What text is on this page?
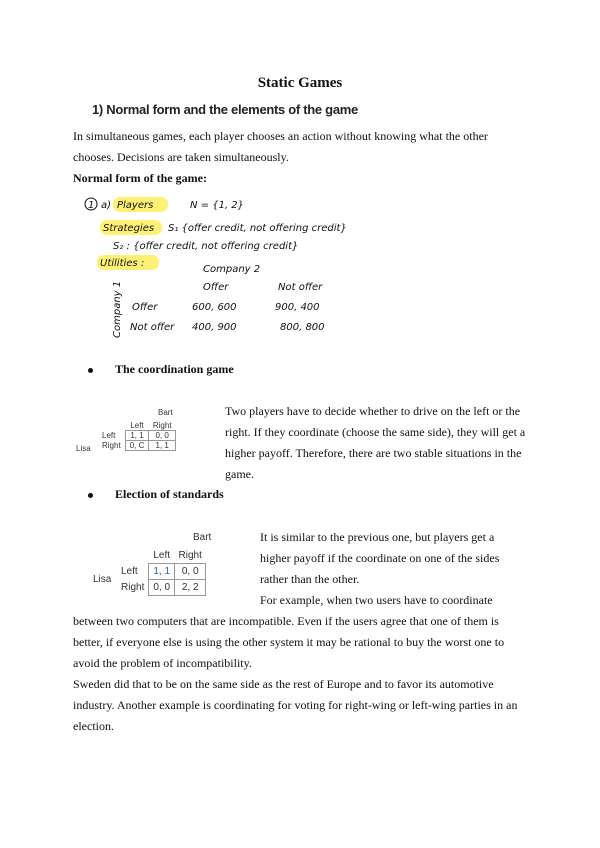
Static Games
1) Normal form and the elements of the game
In simultaneous games, each player chooses an action without knowing what the other
chooses. Decisions are taken simultaneously.
Normal form of the game:
1 a) Players	N = {1, 2}
Strategies S₁ {offer credit, not offering credit}
S₂ : {offer credit, not offering credit}
Utilities :
Company 2
Offer	Not offer
Offer	600, 600	900, 400
Not offer 400, 900	800, 800
Company 1
The coordination game
Bart
Lisa
	Left	Right
Left	1, 1	0, 0
Right	0, C	1, 1
Two players have to decide whether to drive on the left or the
right. If they coordinate (choose the same side), they will get a
higher payoff. Therefore, there are two stable situations in the
game.
Election of standards
Bart
Lisa
	Left	Right
Left	1, 1	0, 0
Right	0, 0	2, 2
It is similar to the previous one, but players get a
higher payoff if the coordinate on one of the sides
rather than the other.
For example, when two users have to coordinate
between two computers that are incompatible. Even if the users agree that one of them is
better, if everyone else is using the other system it may be rational to buy the worst one to
avoid the problem of incompatibility.
Sweden did that to be on the same side as the rest of Europe and to favor its automotive
industry. Another example is coordinating for voting for right-wing or left-wing parties in an
election.
